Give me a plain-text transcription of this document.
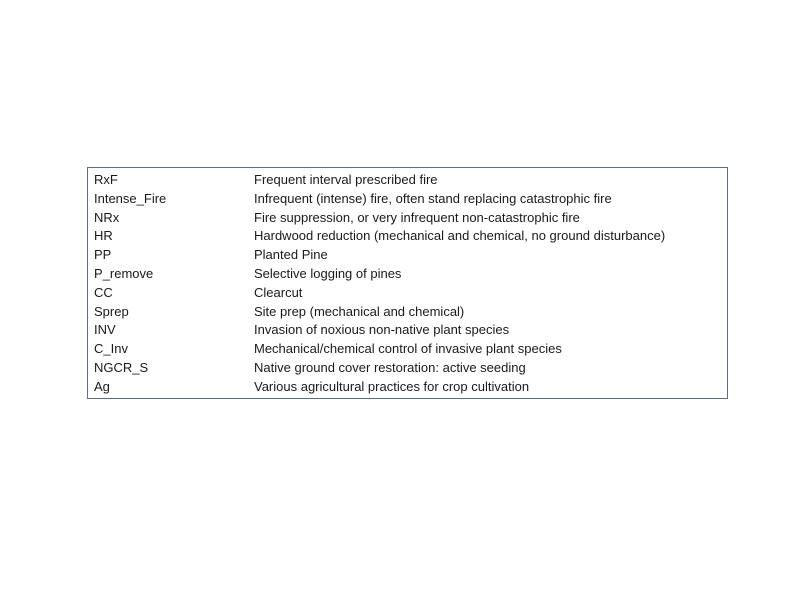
RxF	Frequent interval prescribed fire
Intense_Fire	Infrequent (intense) fire, often stand replacing catastrophic fire
NRx	Fire suppression, or very infrequent non-catastrophic fire
HR	Hardwood reduction (mechanical and chemical, no ground disturbance)
PP	Planted Pine
P_remove	Selective logging of pines
CC	Clearcut
Sprep	Site prep (mechanical and chemical)
INV	Invasion of noxious non-native plant species
C_Inv	Mechanical/chemical control of invasive plant species
NGCR_S	Native ground cover restoration: active seeding
Ag	Various agricultural practices for crop cultivation
